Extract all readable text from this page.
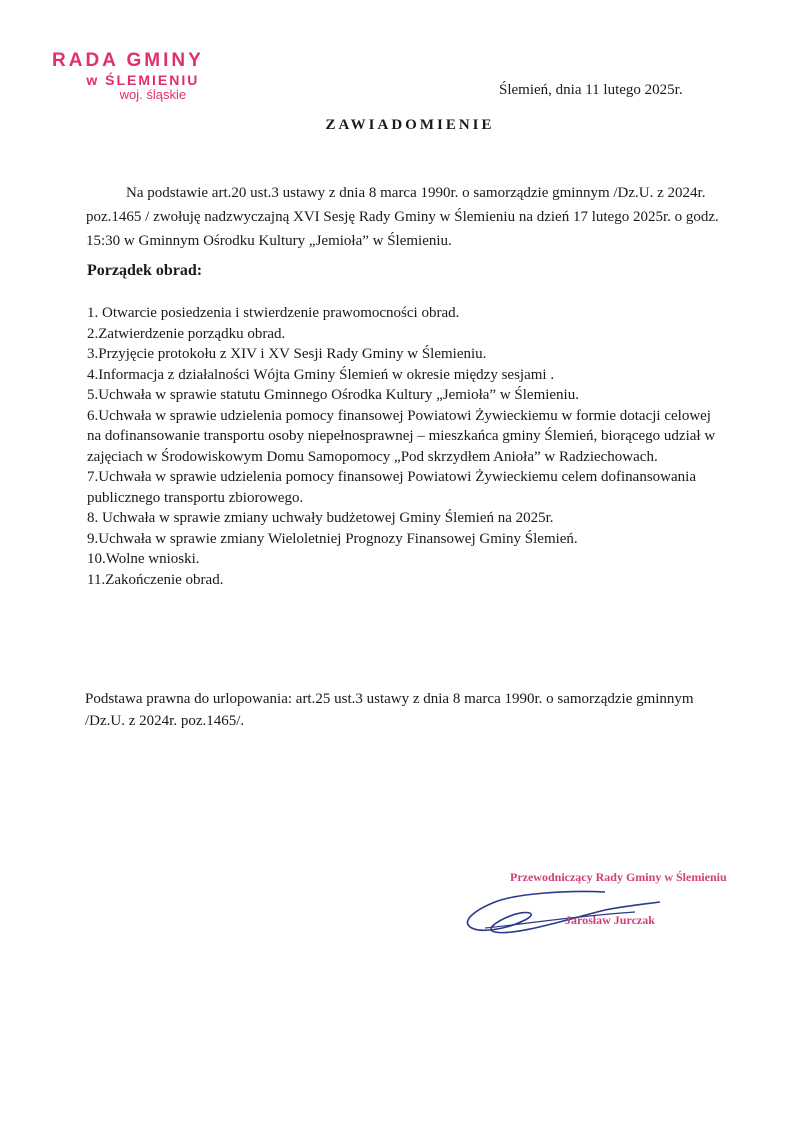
RADA GMINY
w ŚLEMIENIU
woj. śląskie	Ślemień, dnia 11 lutego 2025r.
ZAWIADOMIENIE
Na podstawie art.20 ust.3 ustawy z dnia 8 marca 1990r. o samorządzie gminnym /Dz.U. z 2024r. poz.1465 / zwołuję nadzwyczajną XVI Sesję Rady Gminy w Ślemieniu na dzień 17 lutego 2025r. o godz. 15:30 w Gminnym Ośrodku Kultury „Jemioła” w Ślemieniu.
Porządek obrad:
1. Otwarcie posiedzenia i stwierdzenie prawomocności obrad.
2.Zatwierdzenie porządku obrad.
3.Przyjęcie protokołu z XIV i XV Sesji Rady Gminy w Ślemieniu.
4.Informacja z działalności Wójta Gminy Ślemień w okresie między sesjami .
5.Uchwała w sprawie statutu Gminnego Ośrodka Kultury „Jemioła” w Ślemieniu.
6.Uchwała w sprawie udzielenia pomocy finansowej Powiatowi Żywieckiemu w formie dotacji celowej na dofinansowanie transportu osoby niepełnosprawnej – mieszkańca gminy Ślemień, biorącego udział w zajęciach w Środowiskowym Domu Samopomocy „Pod skrzydłem Anioła” w Radziechowach.
7.Uchwała w sprawie udzielenia pomocy finansowej Powiatowi Żywieckiemu celem dofinansowania publicznego transportu zbiorowego.
8. Uchwała w sprawie zmiany uchwały budżetowej Gminy Ślemień na 2025r.
9.Uchwała w sprawie zmiany Wieloletniej Prognozy Finansowej Gminy Ślemień.
10.Wolne wnioski.
11.Zakończenie obrad.
Podstawa prawna do urlopowania: art.25 ust.3 ustawy z dnia 8 marca 1990r. o samorządzie gminnym /Dz.U. z 2024r. poz.1465/.
Przewodniczący Rady Gminy w Ślemieniu
Jarosław Jurczak
